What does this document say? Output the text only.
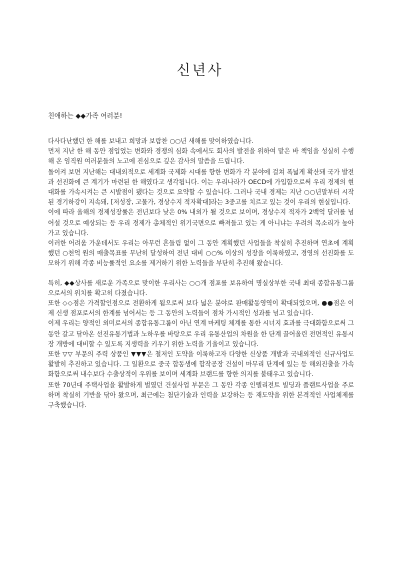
신년사
친애하는 ◆◆가족 여러분!

다사다난했던 한 해를 보내고 희망과 보람찬 ○○년 새해를 맞이하였습니다.

먼저 지난 한 해 동안 점입었는 변화와 경쟁의 심화 속에서도 회사의 발전을 위하여 맡은 바 책임을 성실히 수행해 온 임직원 여러분들의 노고에 진심으로 깊은 감사의 말씀을 드립니다.

돌이켜 보면 지난해는 대내외적으로 세계화 국제화 시대를 향한 변화가 각 분야에 걸쳐 폭넓게 확산돼 국가 발전과 선진화에 큰 계기가 마련된 한 해였다고 생각됩니다. 이는 우리나라가 OECD에 가입함으로써 우리 경제의 현대화를 가속시켜는 큰 시발점이 됐다는 것으로 요약할 수 있습니다. 그러나 국내 경제는 지난 ○○년말부터 시작된 경기하강이 지속돼, [저성장, 고물가, 경상수지 적자확대]라는 3중고를 치르고 있는 것이 우리의 현실입니다.

이에 따라 올해의 경제성장률은 전년보다 낮은 0% 내외가 될 것으로 보이며, 경상수지 적자가 2백억 달러를 넘어설 것으로 예상되는 등 우리 경제가 총체적인 위기국면으로 빠져들고 있는 게 아니냐는 우려의 목소리가 높아가고 있습니다.

이러한 어려움 가운데서도 우리는 아무런 흔들림 없이 그 동안 계획했던 사업들을 착실히 추진하며 연초에 계획했던 ○천억 원의 매출목표를 무난히 달성하여 전년 대비 ○○% 이상의 성장을 이룩하였고, 경영의 선진화를 도모하기 위해 각종 비능률적인 요소를 제거하기 위한 노력들을 부단히 추진해 왔습니다.

특히, ◆◆상사를 새로운 가족으로 맞이한 우리사는 ○○개 점포를 보유하여 명실상부한 국내 최대 종합유통그룹으로서의 위치를 확고히 다졌습니다.

또한 ◇◇점은 가격할인점으로 전환하게 됨으로써 보다 넓은 분야로 판매활동영역이 확대되었으며, ●●점은 이제 신생 점포로서의 한계를 넘어서는 등 그 동안의 노력들이 점차 가시적인 성과를 넘고 있습니다.

이제 우리는 양적인 외미로서의 종합유통그룹이 아닌 연계 마케팅 체계를 통한 시너지 효과를 극대화함으로써 그 동안 갈고 닦아온 선진유통기법과 노하우를 바탕으로 우리 유통산업의 차원을 한 단계 끌어올린 전면적인 유통시장 개방에 대비할 수 있도록 지생력을 키우기 위한 노력을 기울이고 있습니다.

또한 ▽▽ 부문의 주력 상품인 ▼▼▼은 철저인 도약을 이룩하고자 다양한 신상품 개발과 국내외적인 신규사업도 활발히 추진하고 있습니다. 그 일환으로 중국 합동생에 합작공장 건설이 마무리 단계에 있는 등 해외진출을 가속화함으로써 내수보다 수출상적이 우위를 보이며 세계화 브랜드를 향한 의지를 불태우고 있습니다.

또한 70년대 주택사업을 활발하게 벌였던 건설사업 부문은 그 동안 각종 인텔리전트 빌딩과 플랜트사업을 주로 하며 착실히 기반을 닦아 왔으며, 최근에는 첨단기술과 인력을 보강하는 등 재도약을 위한 본격적인 사업체제를 구축했습니다.
